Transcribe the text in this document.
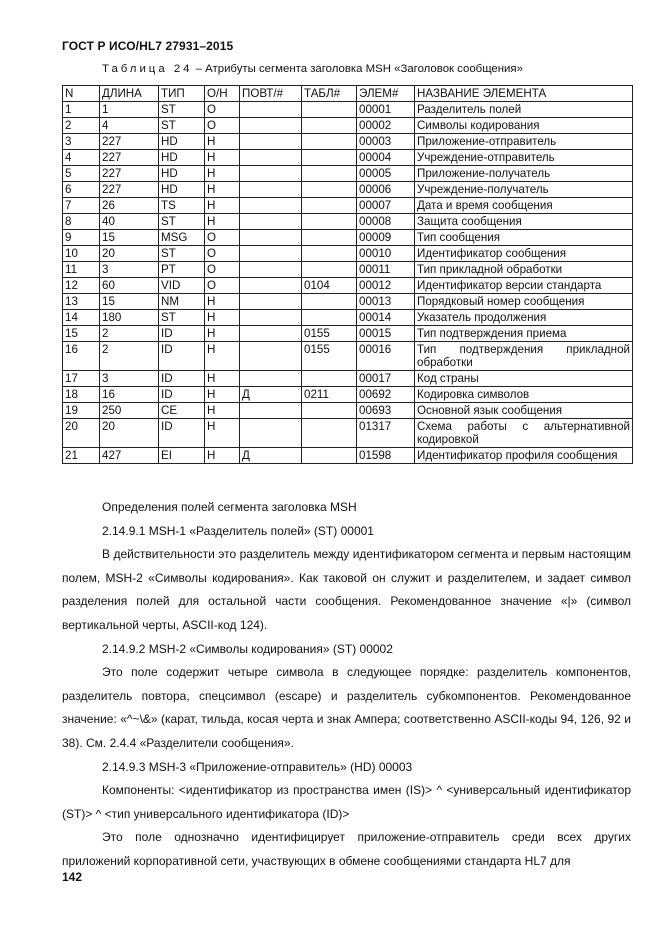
ГОСТ Р ИСО/HL7 27931–2015
Таблица 24 – Атрибуты сегмента заголовка MSH «Заголовок сообщения»
N	ДЛИНА	ТИП	О/Н	ПОВТ/#	ТАБЛ#	ЭЛЕМ#	НАЗВАНИЕ ЭЛЕМЕНТА
1	1	ST	О			00001	Разделитель полей
2	4	ST	О			00002	Символы кодирования
3	227	HD	Н			00003	Приложение-отправитель
4	227	HD	Н			00004	Учреждение-отправитель
5	227	HD	Н			00005	Приложение-получатель
6	227	HD	Н			00006	Учреждение-получатель
7	26	TS	Н			00007	Дата и время сообщения
8	40	ST	Н			00008	Защита сообщения
9	15	MSG	О			00009	Тип сообщения
10	20	ST	О			00010	Идентификатор сообщения
11	3	PT	О			00011	Тип прикладной обработки
12	60	VID	О		0104	00012	Идентификатор версии стандарта
13	15	NM	Н			00013	Порядковый номер сообщения
14	180	ST	Н			00014	Указатель продолжения
15	2	ID	Н		0155	00015	Тип подтверждения приема
16	2	ID	Н		0155	00016	Тип подтверждения прикладной обработки
17	3	ID	Н			00017	Код страны
18	16	ID	Н	Д	0211	00692	Кодировка символов
19	250	CE	Н			00693	Основной язык сообщения
20	20	ID	Н			01317	Схема работы с альтернативной кодировкой
21	427	EI	Н	Д		01598	Идентификатор профиля сообщения

Определения полей сегмента заголовка MSH

2.14.9.1 MSH-1 «Разделитель полей» (ST) 00001

В действительности это разделитель между идентификатором сегмента и первым настоящим полем, MSH-2 «Символы кодирования». Как таковой он служит и разделителем, и задает символ разделения полей для остальной части сообщения. Рекомендованное значение «|» (символ вертикальной черты, ASCII-код 124).

2.14.9.2 MSH-2 «Символы кодирования» (ST) 00002

Это поле содержит четыре символа в следующее порядке: разделитель компонентов, разделитель повтора, спецсимвол (escape) и разделитель субкомпонентов. Рекомендованное значение: «^~\&» (карат, тильда, косая черта и знак Ампера; соответственно ASCII-коды 94, 126, 92 и 38). См. 2.4.4 «Разделители сообщения».

2.14.9.3 MSH-3 «Приложение-отправитель» (HD) 00003

Компоненты: <идентификатор из пространства имен (IS)> ^ <универсальный идентификатор (ST)> ^ <тип универсального идентификатора (ID)>

Это поле однозначно идентифицирует приложение-отправитель среди всех других приложений корпоративной сети, участвующих в обмене сообщениями стандарта HL7 для

142
